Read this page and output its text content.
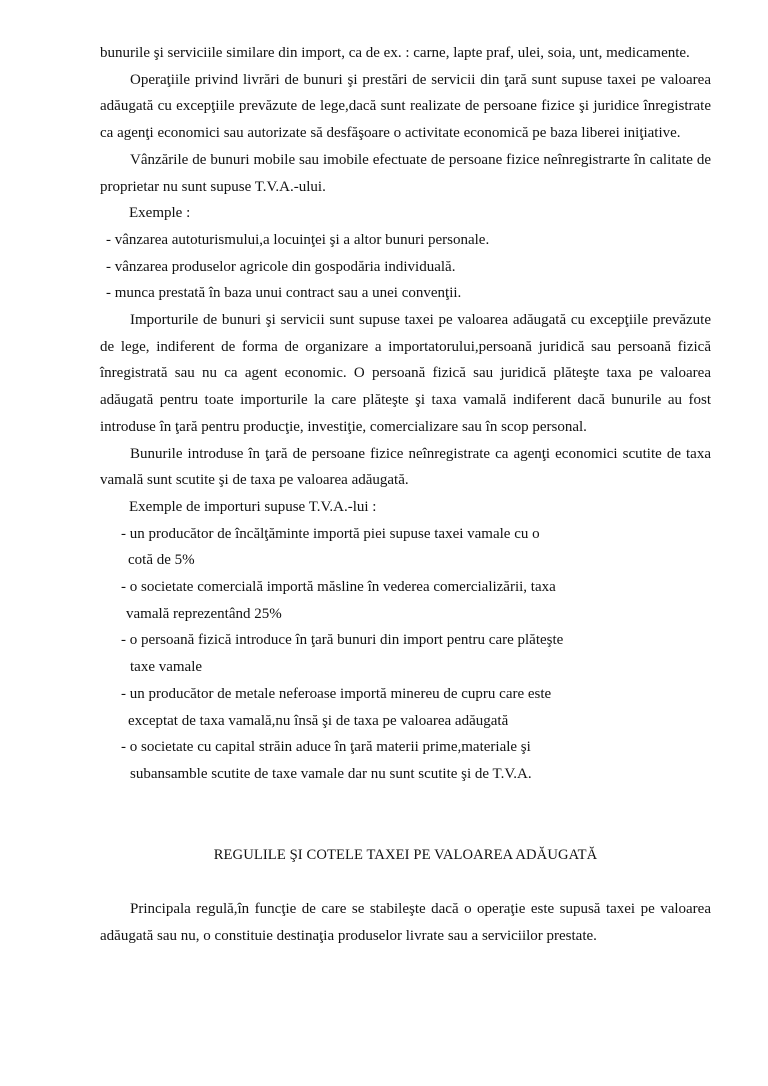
bunurile şi serviciile similare din import, ca de ex. : carne, lapte praf, ulei, soia, unt, medicamente.

Operaţiile privind livrări de bunuri şi prestări de servicii din ţară sunt supuse taxei pe valoarea adăugată cu excepţiile prevăzute de lege,dacă sunt realizate de persoane fizice şi juridice înregistrate ca agenţi economici sau autorizate să desfăşoare o activitate economică pe baza liberei iniţiative.

Vânzările de bunuri mobile sau imobile efectuate de persoane fizice neînregistrarte în calitate de proprietar nu sunt supuse T.V.A.-ului.

Exemple :

- vânzarea autoturismului,a locuinţei şi a altor bunuri personale.

- vânzarea produselor agricole din gospodăria individuală.

- munca prestată în baza unui contract sau a unei convenţii.

Importurile de bunuri şi servicii sunt supuse taxei pe valoarea adăugată cu excepţiile prevăzute de lege, indiferent de forma de organizare a importatorului,persoană juridică sau persoană fizică înregistrată sau nu ca agent economic. O persoană fizică sau juridică plăteşte taxa pe valoarea adăugată pentru toate importurile la care plăteşte şi taxa vamală indiferent dacă bunurile au fost introduse în ţară pentru producţie, investiţie, comercializare sau în scop personal.

Bunurile introduse în ţară de persoane fizice neînregistrate ca agenţi economici scutite de taxa vamală sunt scutite şi de taxa pe valoarea adăugată.

Exemple de importuri supuse T.V.A.-lui :

- un producător de încălţăminte importă piei supuse taxei vamale cu o
cotă de 5%

- o societate comercială importă măsline în vederea comercializării, taxa
vamală reprezentând 25%

- o persoană fizică introduce în ţară bunuri din import pentru care plăteşte
taxe vamale

- un producător de metale neferoase importă minereu de cupru care este
exceptat de taxa vamală,nu însă şi de taxa pe valoarea adăugată

- o societate cu capital străin aduce în ţară materii prime,materiale şi
subansamble scutite de taxe vamale dar nu sunt scutite şi de T.V.A.

REGULILE ŞI COTELE TAXEI PE VALOAREA ADĂUGATĂ

Principala regulă,în funcţie de care se stabileşte dacă o operaţie este supusă taxei pe valoarea adăugată sau nu, o constituie destinaţia produselor livrate sau a serviciilor prestate.
